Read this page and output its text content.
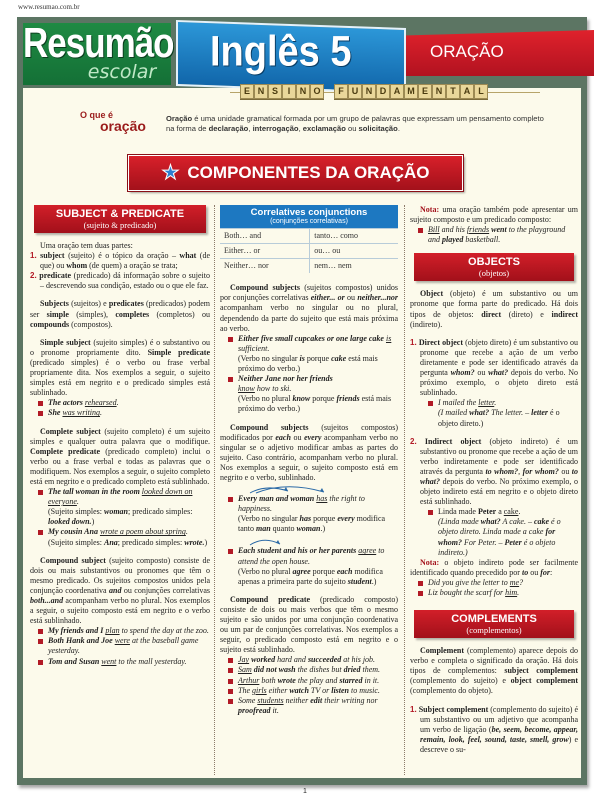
www.resumao.com.br
Resumão
escolar
ORAÇÃO
Inglês 5
E N S	I	N O	F U N D A M E N T A L
O que é
oração	Oração é uma unidade gramatical formada por um grupo de palavras que expressam um pensamento completo na forma de declaração, interrogação, exclamação ou solicitação.
★ COMPONENTES DA ORAÇÃO
SUBJECT & PREDICATE
(sujeito & predicado)

Uma oração tem duas partes:

1. subject (sujeito) é o tópico da oração – what (de que) ou whom (de quem) a oração se trata;

2. predicate (predicado) dá informação sobre o sujeito – descrevendo sua condição, estado ou o que ele faz.

Subjects (sujeitos) e predicates (predicados) podem ser simple (simples), completes (completos) ou compounds (compostos).

Simple subject (sujeito simples) é o substantivo ou o pronome propriamente dito. Simple predicate (predicado simples) é o verbo ou frase verbal propriamente dita. Nos exemplos a seguir, o sujeito simples está em negrito e o predicado simples está sublinhado.

The actors rehearsed.
She was writing.

Complete subject (sujeito completo) é um sujeito simples e qualquer outra palavra que o modifique. Complete predicate (predicado completo) inclui o verbo ou a frase verbal e todas as palavras que o modifiquem. Nos exemplos a seguir, o sujeito completo está em negrito e o predicado completo está sublinhado.

The tall woman in the room looked down on everyone.
(Sujeito simples: woman; predicado simples: looked down.)
My cousin Ana wrote a poem about spring.
(Sujeito simples: Ana; predicado simples: wrote.)

Compound subject (sujeito composto) consiste de dois ou mais substantivos ou pronomes que têm o mesmo predicado. Os sujeitos compostos unidos pela conjunção coordenativa and ou conjunções correlativas both...and acompanham verbo no plural. Nos exemplos a seguir, o sujeito composto está em negrito e o verbo está sublinhado.

My friends and I plan to spend the day at the zoo.
Both Hank and Joe were at the baseball game yesterday.
Tom and Susan went to the mall yesterday.
Correlatives conjunctions
(conjunções correlativas)	

Both… and	tanto… como
Either… or	ou… ou
Neither… nor	nem… nem

Compound subjects (sujeitos compostos) unidos por conjunções correlativas either... or ou neither...nor acompanham verbo no singular ou no plural, dependendo da parte do sujeito que está mais próxima ao verbo.

Either five small cupcakes or one large cake is sufficient.
(Verbo no singular is porque cake está mais próximo do verbo.)
Neither Jane nor her friends
know how to ski.
(Verbo no plural know porque friends está mais próximo do verbo.)

Compound subjects (sujeitos compostos) modificados por each ou every acompanham verbo no singular se o adjetivo modificar ambas as partes do sujeito. Caso contrário, acompanham verbo no plural. Nos exemplos a seguir, o sujeito composto está em negrito e o verbo, sublinhado.

Every man and woman has the right to happiness.
(Verbo no singular has porque every modifica tanto man quanto woman.)
Each student and his or her parents agree to attend the open house.
(Verbo no plural agree porque each modifica apenas a primeira parte do sujeito student.)

Compound predicate (predicado composto) consiste de dois ou mais verbos que têm o mesmo sujeito e são unidos por uma conjunção coordenativa ou um par de conjunções correlativas. Nos exemplos a seguir, o predicado composto está em negrito e o sujeito está sublinhado.

Jay worked hard and succeeded at his job.
Sam did not wash the dishes but dried them.
Arthur both wrote the play and starred in it.
The girls either watch TV or listen to music.
Some students neither edit their writing nor proofread it.

Nota: uma oração também pode apresentar um sujeito composto e um predicado composto:

Bill and his friends went to the playground and played basketball.
OBJECTS
(objetos)

Object (objeto) é um substantivo ou um pronome que forma parte do predicado. Há dois tipos de objetos: direct (direto) e indirect (indireto).

1. Direct object (objeto direto) é um substantivo ou pronome que recebe a ação de um verbo diretamente e pode ser identificado através da pergunta whom? ou what? depois do verbo. No próximo exemplo, o objeto direto está sublinhado.

I mailed the letter.
(I mailed what? The letter. – letter é o objeto direto.)

2. Indirect object (objeto indireto) é um substantivo ou pronome que recebe a ação de um verbo indiretamente e pode ser identificado através da pergunta to whom?, for whom? ou to what? depois do verbo. No próximo exemplo, o objeto indireto está em negrito e o objeto direto está sublinhado.

Linda made Peter a cake.
(Linda made what? A cake. – cake é o objeto direto. Linda made a cake for whom? For Peter. – Peter é o objeto indireto.)

Nota: o objeto indireto pode ser facilmente identificado quando precedido por to ou for:

Did you give the letter to me?
Liz bought the scarf for him.
COMPLEMENTS
(complementos)

Complement (complemento) aparece depois do verbo e completa o significado da oração. Há dois tipos de complementos: subject complement (complemento do sujeito) e object complement (complemento do objeto).

1. Subject complement (complemento do sujeito) é um substantivo ou um adjetivo que acompanha um verbo de ligação (be, seem, become, appear, remain, look, feel, sound, taste, smell, grow) e descreve o su-

1
